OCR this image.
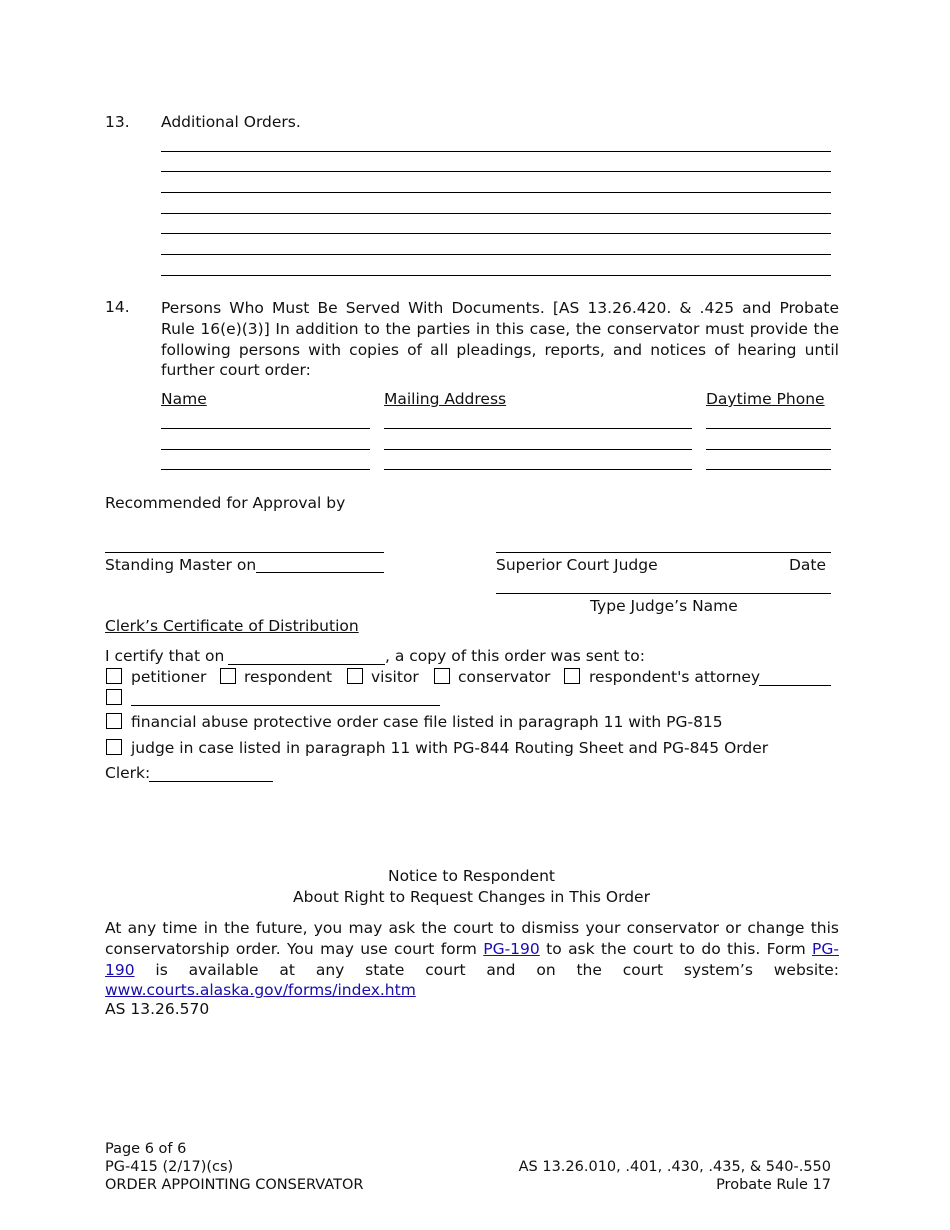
13. Additional Orders.
14. Persons Who Must Be Served With Documents. [AS 13.26.420. & .425 and Probate Rule 16(e)(3)] In addition to the parties in this case, the conservator must provide the following persons with copies of all pleadings, reports, and notices of hearing until further court order:
Name	Mailing Address	Daytime Phone
Recommended for Approval by
Standing Master on	Superior Court Judge	Date
Type Judge’s Name
Clerk’s Certificate of Distribution
I certify that on	, a copy of this order was sent to:
petitioner respondent	visitor	conservator respondent's attorney
financial abuse protective order case file listed in paragraph 11 with PG-815
judge in case listed in paragraph 11 with PG-844 Routing Sheet and PG-845 Order
Clerk:
Notice to Respondent
About Right to Request Changes in This Order
At any time in the future, you may ask the court to dismiss your conservator or change this conservatorship order. You may use court form PG-190 to ask the court to do this. Form PG-190 is available at any state court and on the court system’s website: www.courts.alaska.gov/forms/index.htm
AS 13.26.570
Page 6 of 6
PG-415 (2/17)(cs)
ORDER APPOINTING CONSERVATOR
AS 13.26.010, .401, .430, .435, & 540-.550
Probate Rule 17
